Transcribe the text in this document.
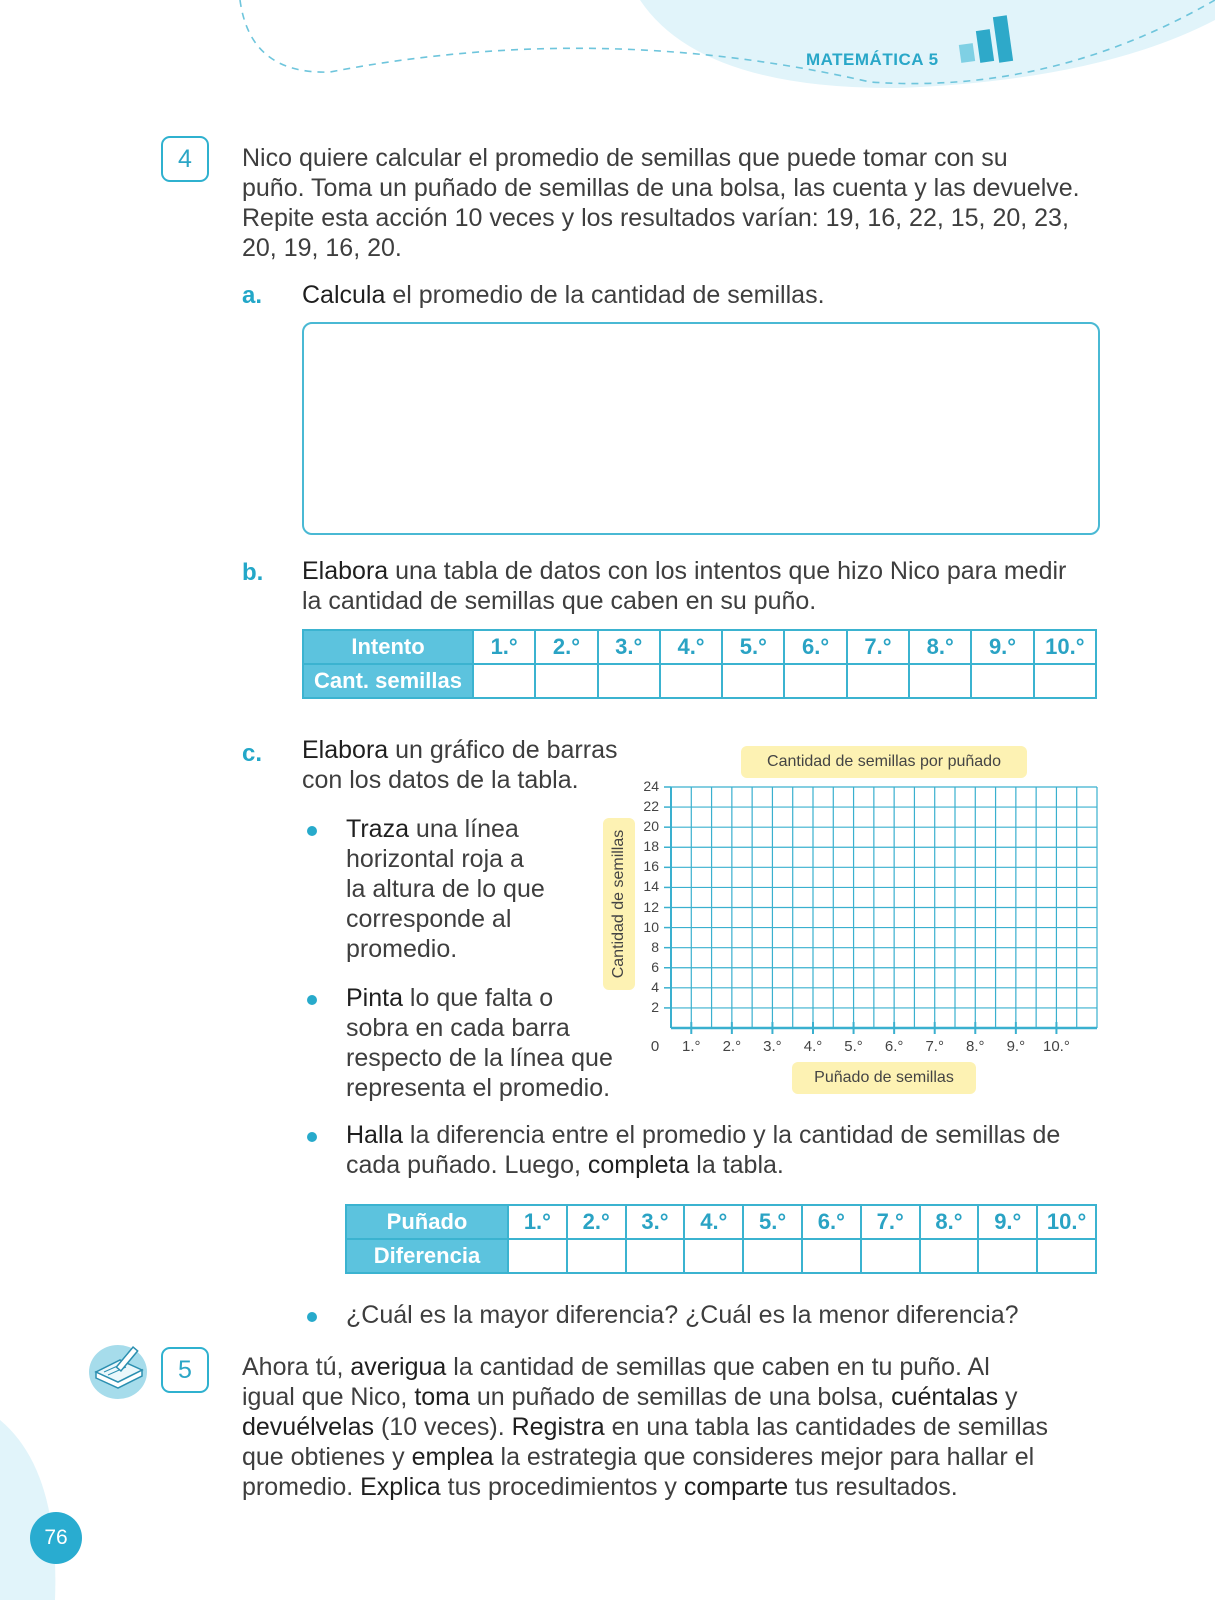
MATEMÁTICA 5
4	Nico quiere calcular el promedio de semillas que puede tomar con su
puño. Toma un puñado de semillas de una bolsa, las cuenta y las devuelve.
Repite esta acción 10 veces y los resultados varían: 19, 16, 22, 15, 20, 23,
20, 19, 16, 20.
a. Calcula el promedio de la cantidad de semillas.
b. Elabora una tabla de datos con los intentos que hizo Nico para medir
la cantidad de semillas que caben en su puño.
Intento	1.°	2.°	3.°	4.°	5.°	6.°	7.°	8.°	9.°	10.°
Cant. semillas										
c. Elabora un gráfico de barras
con los datos de la tabla.
Traza una línea
horizontal roja a
la altura de lo que
corresponde al
promedio.
Pinta lo que falta o
sobra en cada barra
respecto de la línea que
representa el promedio.
Cantidad de semillas por puñado
Cantidad de semillas
Puñado de semillas
24
22
20
18
16
14
12
10
8
6
4
2
0	1.°	2.°	3.°	4.°	5.°	6.°	7.°	8.°	9.°	10.°
Halla la diferencia entre el promedio y la cantidad de semillas de
cada puñado. Luego, completa la tabla.
Puñado	1.°	2.°	3.°	4.°	5.°	6.°	7.°	8.°	9.°	10.°
Diferencia										
¿Cuál es la mayor diferencia? ¿Cuál es la menor diferencia?
5	Ahora tú, averigua la cantidad de semillas que caben en tu puño. Al
igual que Nico, toma un puñado de semillas de una bolsa, cuéntalas y
devuélvelas (10 veces). Registra en una tabla las cantidades de semillas
que obtienes y emplea la estrategia que consideres mejor para hallar el
promedio. Explica tus procedimientos y comparte tus resultados.
76
